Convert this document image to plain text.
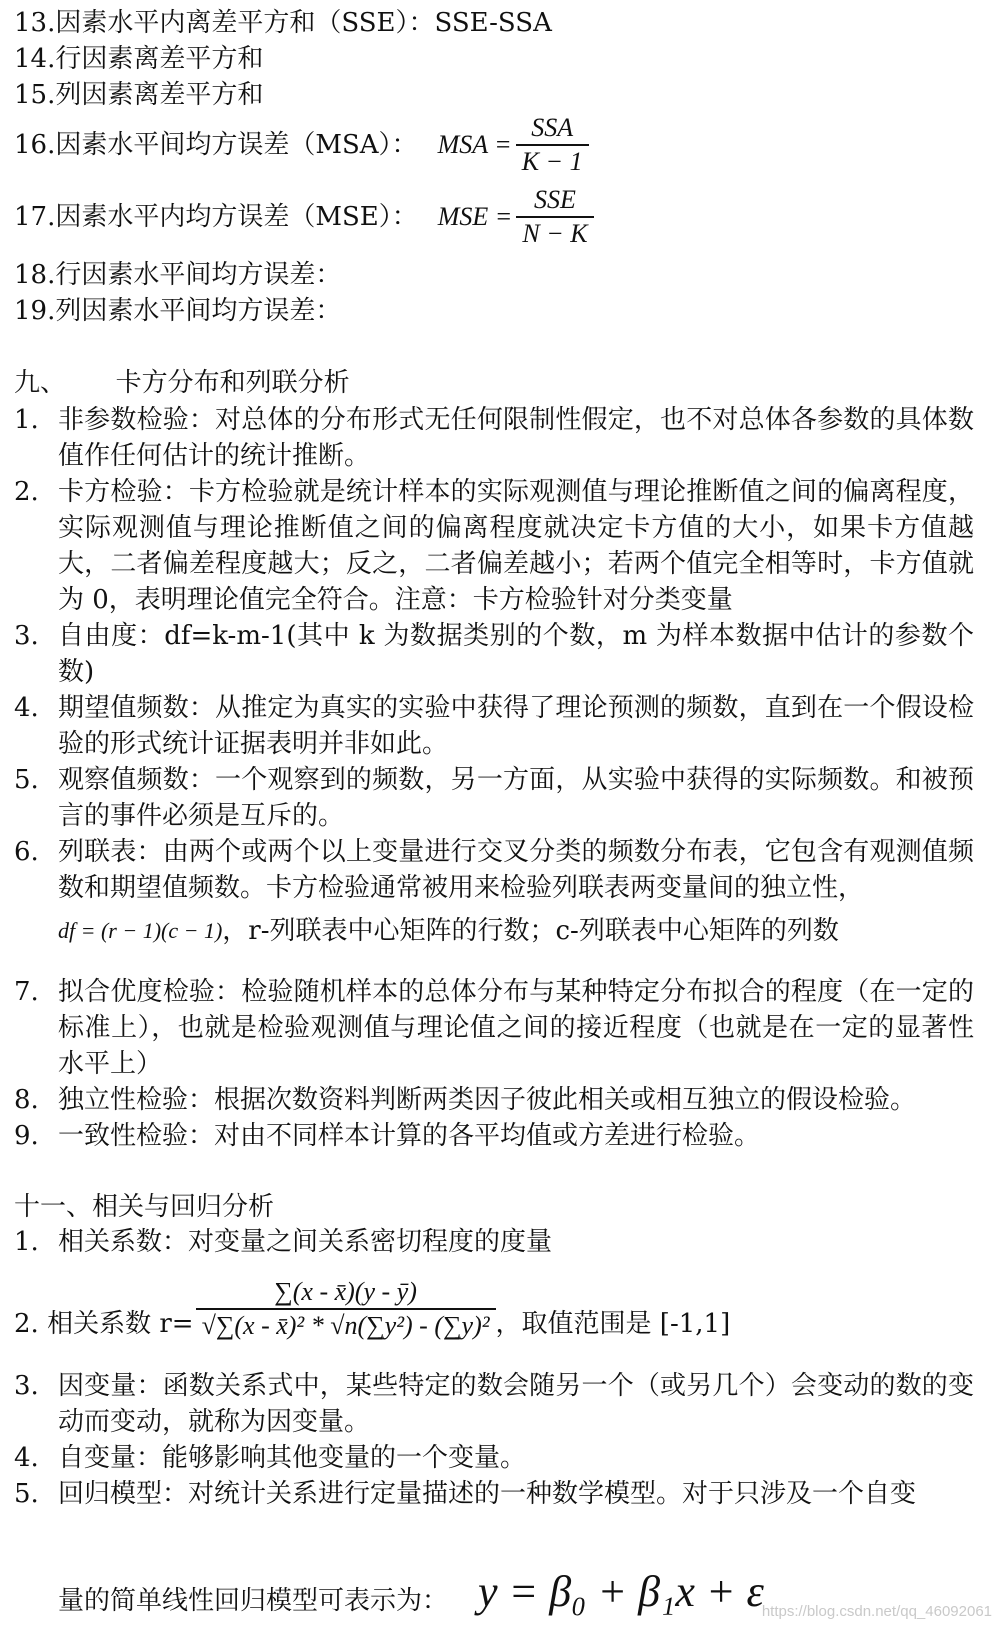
13.因素水平内离差平方和（SSE）：SSE-SSA
14.行因素离差平方和
15.列因素离差平方和
16.因素水平间均方误差（MSA）： MSA = $\frac{\text{SSA}}{K - 1}$
17.因素水平内均方误差（MSE）： MSE = $\frac{\text{SSE}}{N - K}$
18.行因素水平间均方误差：
19.列因素水平间均方误差：
九、      卡方分布和列联分析
1. 非参数检验：对总体的分布形式无任何限制性假定，也不对总体各参数的具体数值作任何估计的统计推断。
2. 卡方检验：卡方检验就是统计样本的实际观测值与理论推断值之间的偏离程度，实际观测值与理论推断值之间的偏离程度就决定卡方值的大小，如果卡方值越大，二者偏差程度越大；反之，二者偏差越小；若两个值完全相等时，卡方值就为 0，表明理论值完全符合。注意：卡方检验针对分类变量
3. 自由度：df=k-m-1(其中 k 为数据类别的个数，m 为样本数据中估计的参数个数)
4. 期望值频数：从推定为真实的实验中获得了理论预测的频数，直到在一个假设检验的形式统计证据表明并非如此。
5. 观察值频数：一个观察到的频数，另一方面，从实验中获得的实际频数。和被预言的事件必须是互斥的。
6. 列联表：由两个或两个以上变量进行交叉分类的频数分布表，它包含有观测值频数和期望值频数。卡方检验通常被用来检验列联表两变量间的独立性，
df = (r − 1)(c − 1) ，r-列联表中心矩阵的行数；c-列联表中心矩阵的列数
7. 拟合优度检验：检验随机样本的总体分布与某种特定分布拟合的程度（在一定的标准上），也就是检验观测值与理论值之间的接近程度（也就是在一定的显著性水平上）
8. 独立性检验：根据次数资料判断两类因子彼此相关或相互独立的假设检验。
9. 一致性检验：对由不同样本计算的各平均值或方差进行检验。
十一、相关与回归分析
1. 相关系数：对变量之间关系密切程度的度量
2. 相关系数 $r= \frac{\sum(x - x̄)(y - ȳ)}{\text{√∑(x - x̄)² * √n(∑y²) - (∑y)²}}$ ，取值范围是 [-1,1]
3. 因变量：函数关系式中，某些特定的数会随另一个（或另几个）会变动的数的变动而变动，就称为因变量。
4. 自变量：能够影响其他变量的一个变量。
5. 回归模型：对统计关系进行定量描述的一种数学模型。对于只涉及一个自变
量的简单线性回归模型可表示为： y = β₀ + β₁x + ε
https://blog.csdn.net/qq_46092061
